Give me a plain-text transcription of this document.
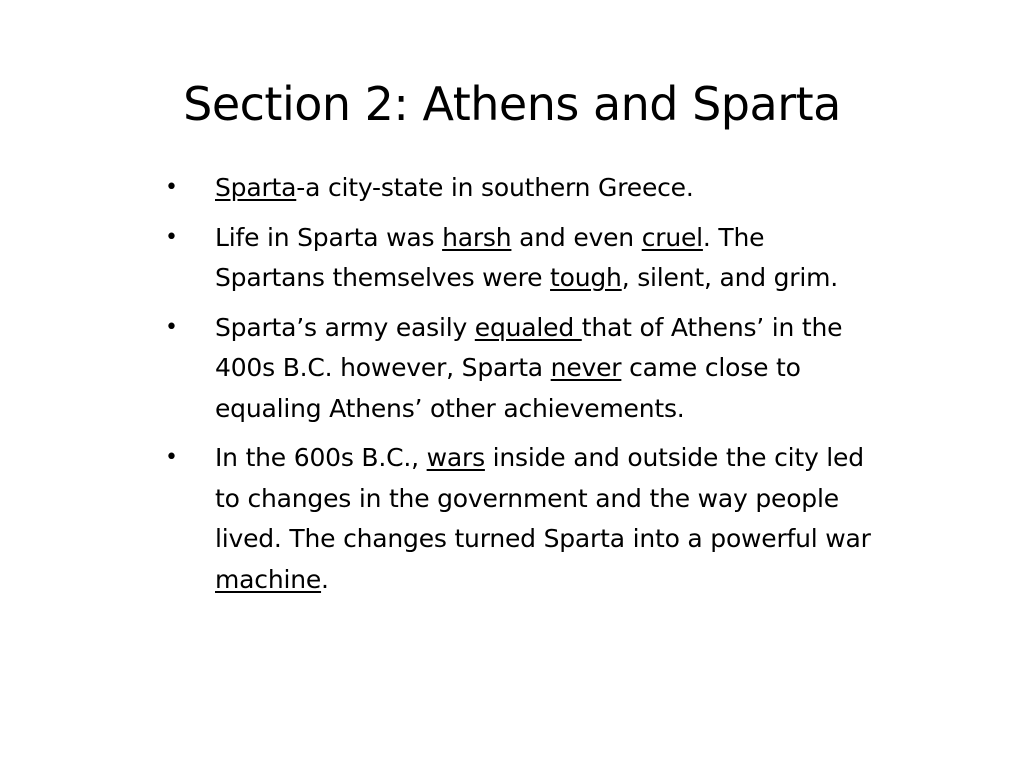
Section 2: Athens and Sparta
• Sparta-a city-state in southern Greece.
• Life in Sparta was harsh and even cruel. The Spartans themselves were tough, silent, and grim.
• Sparta’s army easily equaled that of Athens’ in the 400s B.C. however, Sparta never came close to equaling Athens’ other achievements.
• In the 600s B.C., wars inside and outside the city led to changes in the government and the way people lived. The changes turned Sparta into a powerful war machine.
